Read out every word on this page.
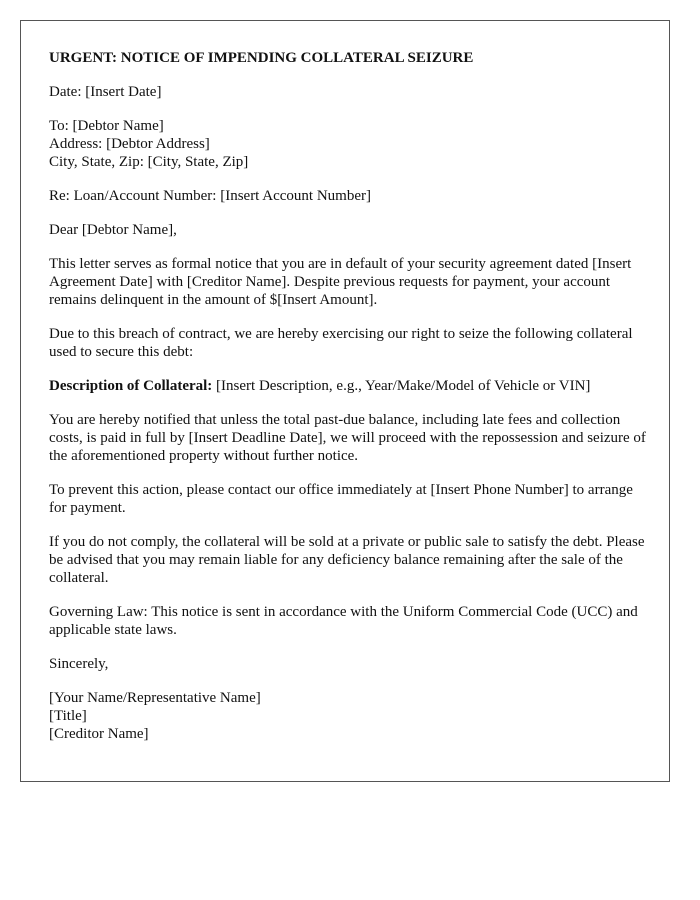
URGENT: NOTICE OF IMPENDING COLLATERAL SEIZURE

Date: [Insert Date]

To: [Debtor Name]
Address: [Debtor Address]
City, State, Zip: [City, State, Zip]

Re: Loan/Account Number: [Insert Account Number]

Dear [Debtor Name],

This letter serves as formal notice that you are in default of your security agreement dated [Insert Agreement Date] with [Creditor Name]. Despite previous requests for payment, your account remains delinquent in the amount of $[Insert Amount].

Due to this breach of contract, we are hereby exercising our right to seize the following collateral used to secure this debt:

Description of Collateral: [Insert Description, e.g., Year/Make/Model of Vehicle or VIN]

You are hereby notified that unless the total past-due balance, including late fees and collection costs, is paid in full by [Insert Deadline Date], we will proceed with the repossession and seizure of the aforementioned property without further notice.

To prevent this action, please contact our office immediately at [Insert Phone Number] to arrange for payment.

If you do not comply, the collateral will be sold at a private or public sale to satisfy the debt. Please be advised that you may remain liable for any deficiency balance remaining after the sale of the collateral.

Governing Law: This notice is sent in accordance with the Uniform Commercial Code (UCC) and applicable state laws.

Sincerely,

[Your Name/Representative Name]
[Title]
[Creditor Name]
